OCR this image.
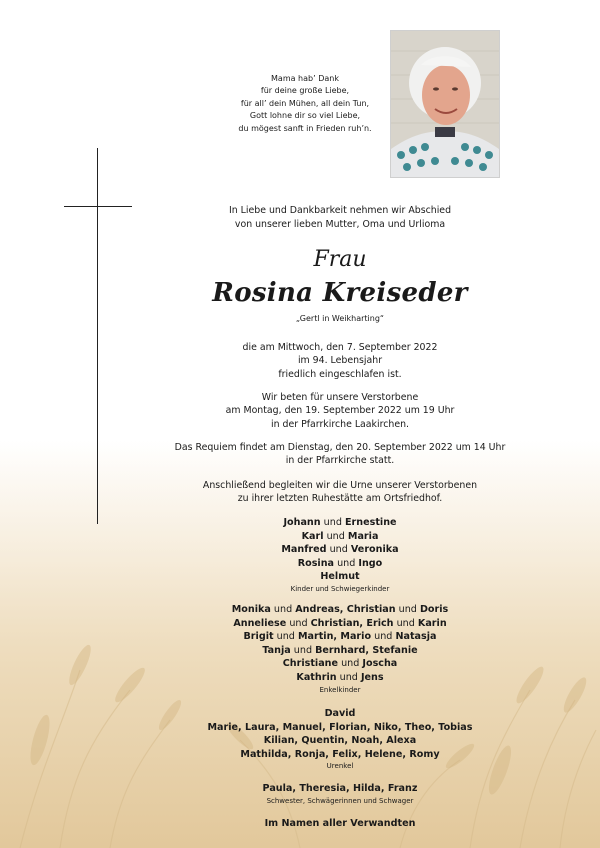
Mama hab’ Dank
für deine große Liebe,
für all’ dein Mühen, all dein Tun,
Gott lohne dir so viel Liebe,
du mögest sanft in Frieden ruh’n.
In Liebe und Dankbarkeit nehmen wir Abschied
von unserer lieben Mutter, Oma und Urlioma
Frau
Rosina Kreiseder
„Gertl in Weikharting“
die am Mittwoch, den 7. September 2022
im 94. Lebensjahr
friedlich eingeschlafen ist.
Wir beten für unsere Verstorbene
am Montag, den 19. September 2022 um 19 Uhr
in der Pfarrkirche Laakirchen.
Das Requiem findet am Dienstag, den 20. September 2022 um 14 Uhr
in der Pfarrkirche statt.
Anschließend begleiten wir die Urne unserer Verstorbenen
zu ihrer letzten Ruhestätte am Ortsfriedhof.
Johann und Ernestine
Karl und Maria
Manfred und Veronika
Rosina und Ingo
Helmut
Kinder und Schwiegerkinder
Monika und Andreas, Christian und Doris
Anneliese und Christian, Erich und Karin
Brigit und Martin, Mario und Natasja
Tanja und Bernhard, Stefanie
Christiane und Joscha
Kathrin und Jens
Enkelkinder
David
Marie, Laura, Manuel, Florian, Niko, Theo, Tobias
Kilian, Quentin, Noah, Alexa
Mathilda, Ronja, Felix, Helene, Romy
Urenkel
Paula, Theresia, Hilda, Franz
Schwester, Schwägerinnen und Schwager
Im Namen aller Verwandten
